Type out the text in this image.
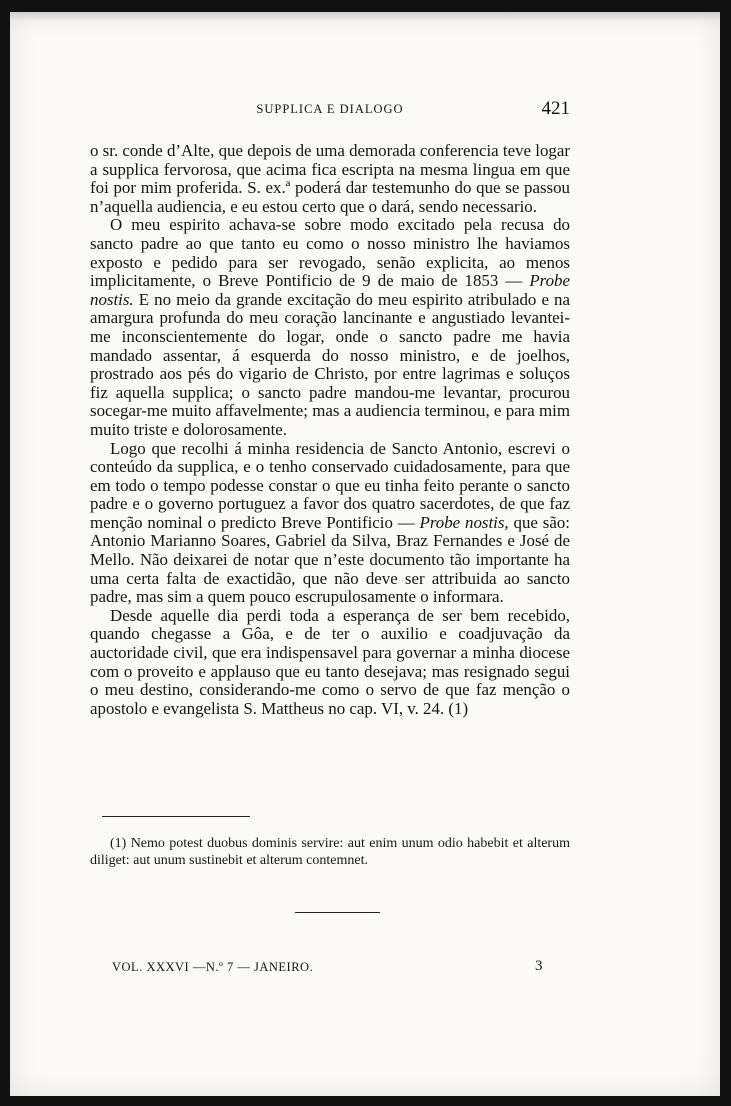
SUPPLICA E DIALOGO	421

o sr. conde d’Alte, que depois de uma demorada conferencia teve logar a supplica fervorosa, que acima fica escripta na mesma lingua em que foi por mim proferida. S. ex.ª poderá dar testemunho do que se passou n’aquella audiencia, e eu estou certo que o dará, sendo necessario.

O meu espirito achava-se sobre modo excitado pela recusa do sancto padre ao que tanto eu como o nosso ministro lhe haviamos exposto e pedido para ser revogado, senão explicita, ao menos implicitamente, o Breve Pontificio de 9 de maio de 1853 — Probe nostis. E no meio da grande excitação do meu espirito atribulado e na amargura profunda do meu coração lancinante e angustiado levantei-me inconscientemente do logar, onde o sancto padre me havia mandado assentar, á esquerda do nosso ministro, e de joelhos, prostrado aos pés do vigario de Christo, por entre lagrimas e soluços fiz aquella supplica; o sancto padre mandou-me levantar, procurou socegar-me muito affavelmente; mas a audiencia terminou, e para mim muito triste e dolorosamente.

Logo que recolhi á minha residencia de Sancto Antonio, escrevi o conteúdo da supplica, e o tenho conservado cuidadosamente, para que em todo o tempo podesse constar o que eu tinha feito perante o sancto padre e o governo portuguez a favor dos quatro sacerdotes, de que faz menção nominal o predicto Breve Pontificio — Probe nostis, que são: Antonio Marianno Soares, Gabriel da Silva, Braz Fernandes e José de Mello. Não deixarei de notar que n’este documento tão importante ha uma certa falta de exactidão, que não deve ser attribuida ao sancto padre, mas sim a quem pouco escrupulosamente o informara.

Desde aquelle dia perdi toda a esperança de ser bem recebido, quando chegasse a Gôa, e de ter o auxilio e coadjuvação da auctoridade civil, que era indispensavel para governar a minha diocese com o proveito e applauso que eu tanto desejava; mas resignado segui o meu destino, considerando-me como o servo de que faz menção o apostolo e evangelista S. Mattheus no cap. VI, v. 24. (1)

(1) Nemo potest duobus dominis servire: aut enim unum odio habebit et alterum diliget: aut unum sustinebit et alterum contemnet.

VOL. XXXVI —N.º 7 — JANEIRO.	3
